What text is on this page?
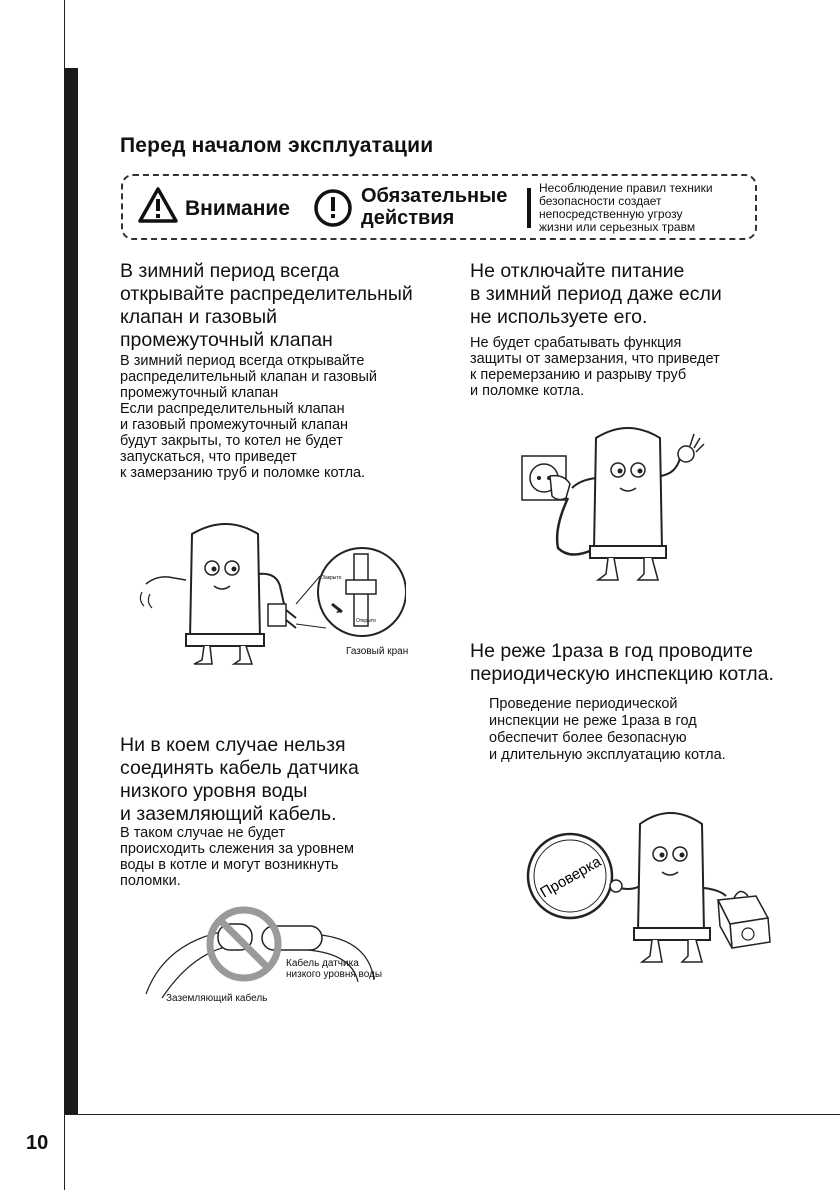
10
Перед началом эксплуатации
Внимание
Обязательные
действия
Несоблюдение правил техники
безопасности создает
непосредственную угрозу
жизни или серьезных травм
В зимний период всегда
открывайте распределительный
клапан и газовый
промежуточный клапан
В зимний период всегда открывайте
распределительный клапан и газовый
промежуточный клапан
Если распределительный клапан
и газовый промежуточный клапан
будут закрыты, то котел не будет
запускаться, что приведет
к замерзанию труб и поломке котла.
Закрыто
Открыто
Газовый кран
Не отключайте питание
в зимний период даже если
не используете его.
Не будет срабатывать функция
защиты от замерзания, что приведет
к перемерзанию и разрыву труб
и поломке котла.
Ни в коем случае нельзя
соединять кабель датчика
низкого уровня воды
и заземляющий кабель.
В таком случае не будет
происходить слежения за уровнем
воды в котле и могут возникнуть
поломки.
Кабель датчика
низкого уровня воды
Заземляющий кабель
Не реже 1раза в год проводите
периодическую инспекцию котла.
Проведение периодической
инспекции не реже 1раза в год
обеспечит более безопасную
и длительную эксплуатацию котла.
Проверка
